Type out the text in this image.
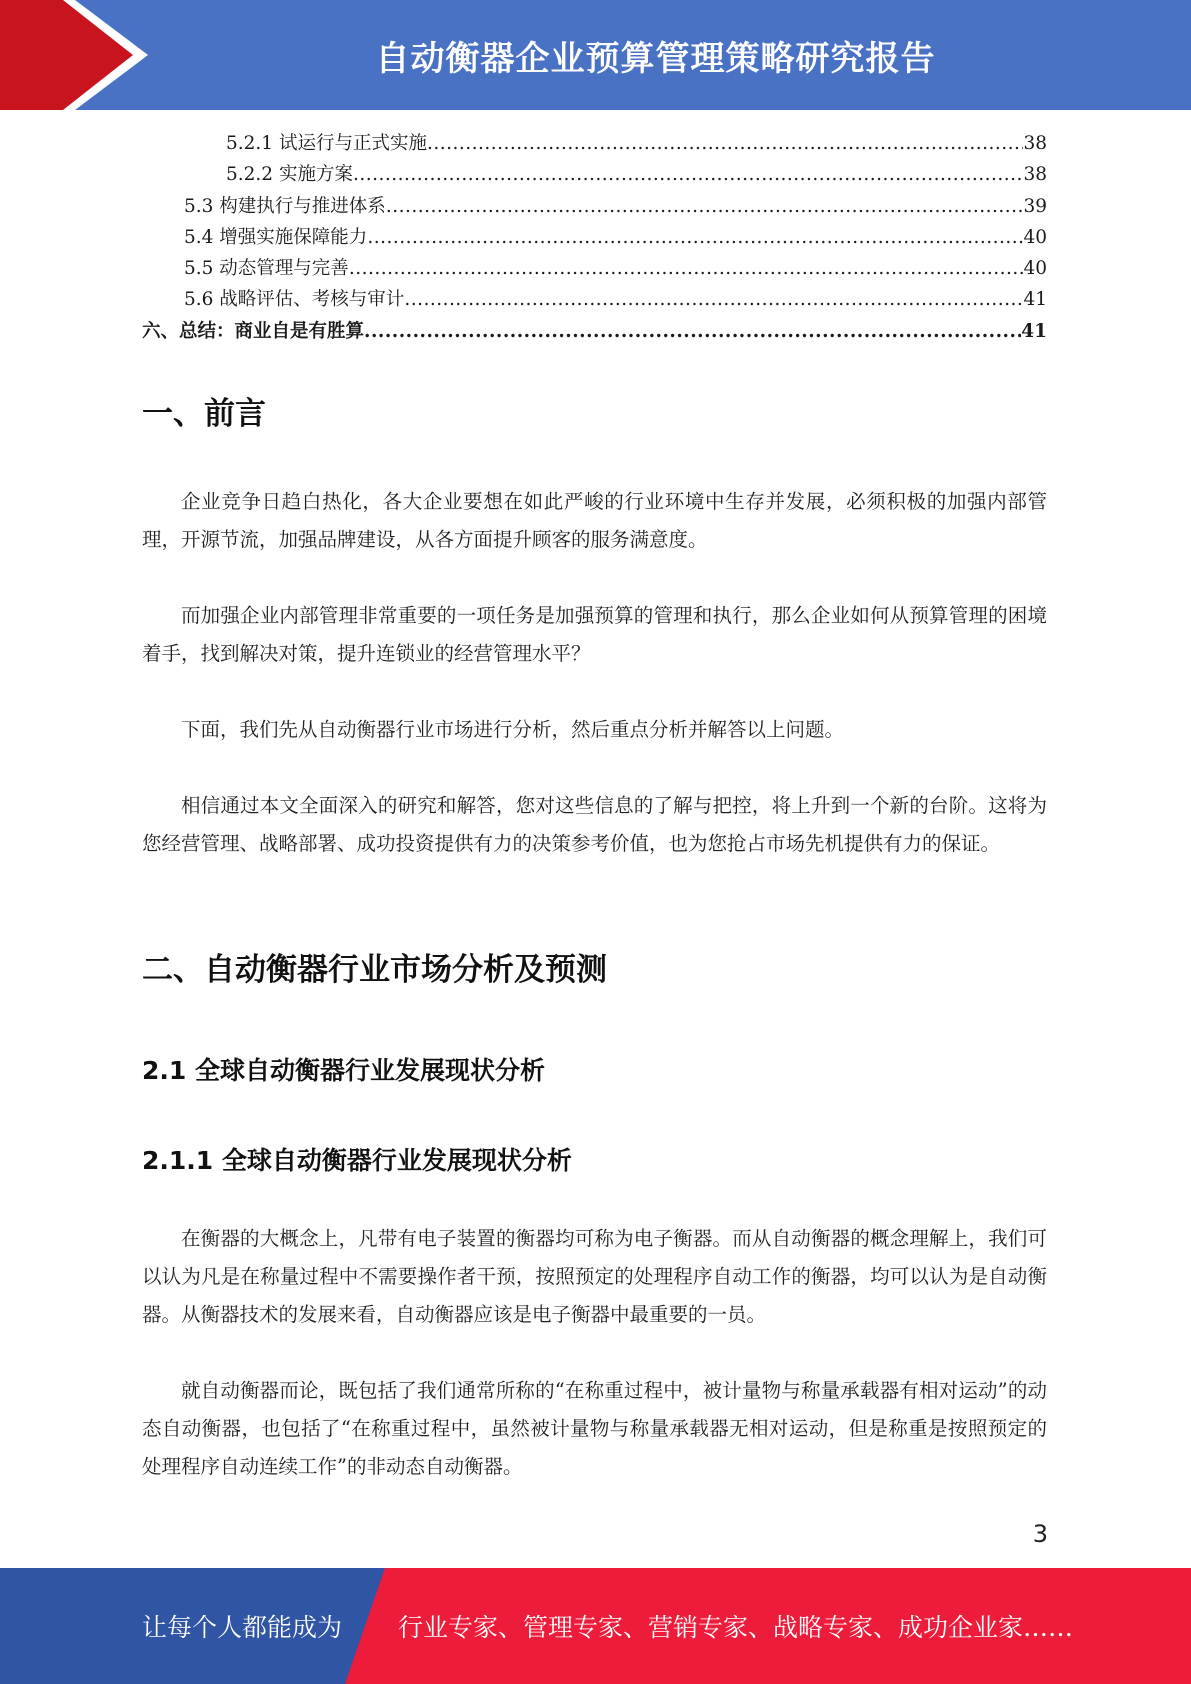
自动衡器企业预算管理策略研究报告
5.2.1 试运行与正式实施 .....	38
5.2.2 实施方案 .....	38
5.3 构建执行与推进体系 .....	39
5.4 增强实施保障能力 .....	40
5.5 动态管理与完善 .....	40
5.6 战略评估、考核与审计 .....	41
六、总结：商业自是有胜算 .....	41
一、前言

企业竞争日趋白热化，各大企业要想在如此严峻的行业环境中生存并发展，必须积极的加强内部管理，开源节流，加强品牌建设，从各方面提升顾客的服务满意度。

而加强企业内部管理非常重要的一项任务是加强预算的管理和执行，那么企业如何从预算管理的困境着手，找到解决对策，提升连锁业的经营管理水平？

下面，我们先从自动衡器行业市场进行分析，然后重点分析并解答以上问题。

相信通过本文全面深入的研究和解答，您对这些信息的了解与把控，将上升到一个新的台阶。这将为您经营管理、战略部署、成功投资提供有力的决策参考价值，也为您抢占市场先机提供有力的保证。

二、自动衡器行业市场分析及预测
2.1 全球自动衡器行业发展现状分析
2.1.1 全球自动衡器行业发展现状分析

在衡器的大概念上，凡带有电子装置的衡器均可称为电子衡器。而从自动衡器的概念理解上，我们可以认为凡是在称量过程中不需要操作者干预，按照预定的处理程序自动工作的衡器，均可以认为是自动衡器。从衡器技术的发展来看，自动衡器应该是电子衡器中最重要的一员。

就自动衡器而论，既包括了我们通常所称的“在称重过程中，被计量物与称量承载器有相对运动”的动态自动衡器，也包括了“在称重过程中，虽然被计量物与称量承载器无相对运动，但是称重是按照预定的处理程序自动连续工作”的非动态自动衡器。

3
让每个人都能成为 行业专家、管理专家、营销专家、战略专家、成功企业家……
